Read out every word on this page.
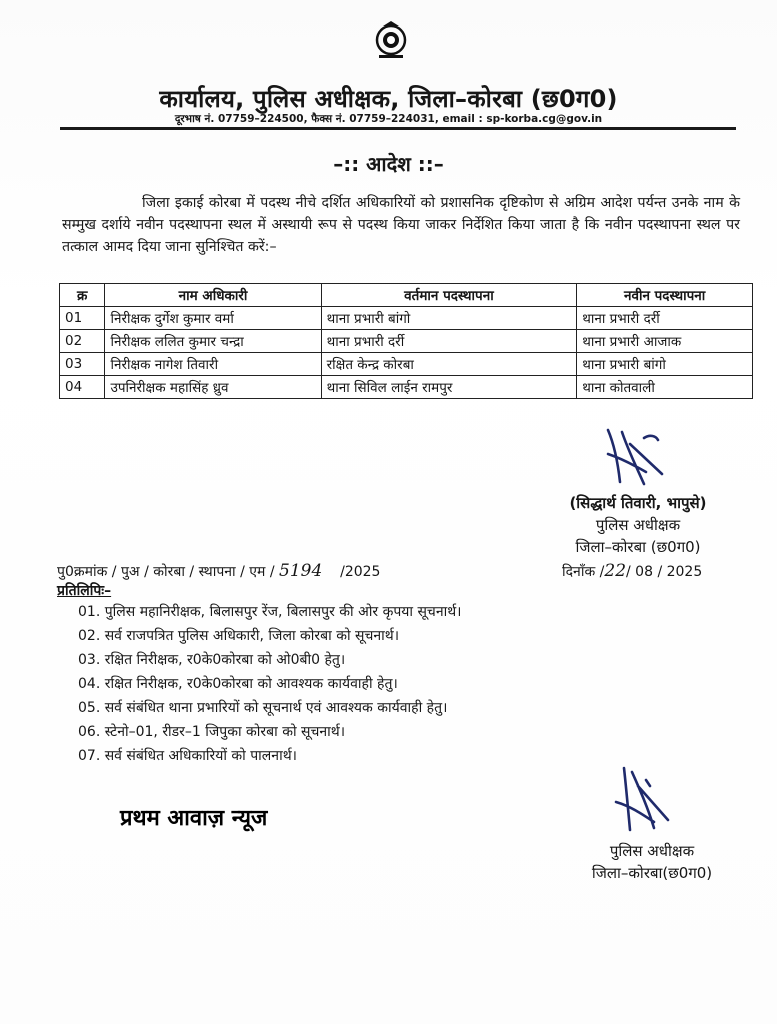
कार्यालय, पुलिस अधीक्षक, जिला–कोरबा (छ0ग0)
दूरभाष नं. 07759–224500, फैक्स नं. 07759–224031, email : sp-korba.cg@gov.in
–:: आदेश ::–
जिला इकाई कोरबा में पदस्थ नीचे दर्शित अधिकारियों को प्रशासनिक दृष्टिकोण से अग्रिम आदेश पर्यन्त उनके नाम के सम्मुख दर्शाये नवीन पदस्थापना स्थल में अस्थायी रूप से पदस्थ किया जाकर निर्देशित किया जाता है कि नवीन पदस्थापना स्थल पर तत्काल आमद दिया जाना सुनिश्चित करें:–
क्र	नाम अधिकारी	वर्तमान पदस्थापना	नवीन पदस्थापना
01	निरीक्षक दुर्गेश कुमार वर्मा	थाना प्रभारी बांगो	थाना प्रभारी दर्री
02	निरीक्षक ललित कुमार चन्द्रा	थाना प्रभारी दर्री	थाना प्रभारी आजाक
03	निरीक्षक नागेश तिवारी	रक्षित केन्द्र कोरबा	थाना प्रभारी बांगो
04	उपनिरीक्षक महासिंह ध्रुव	थाना सिविल लाईन रामपुर	थाना कोतवाली
(सिद्धार्थ तिवारी, भापुसे)
पुलिस अधीक्षक
जिला–कोरबा (छ0ग0)
पु0क्रमांक / पुअ / कोरबा / स्थापना / एम / 5194 /2025	दिनाँक /22/ 08 / 2025
प्रतिलिपिः–
01. पुलिस महानिरीक्षक, बिलासपुर रेंज, बिलासपुर की ओर कृपया सूचनार्थ।
02. सर्व राजपत्रित पुलिस अधिकारी, जिला कोरबा को सूचनार्थ।
03. रक्षित निरीक्षक, र0के0कोरबा को ओ0बी0 हेतु।
04. रक्षित निरीक्षक, र0के0कोरबा को आवश्यक कार्यवाही हेतु।
05. सर्व संबंधित थाना प्रभारियों को सूचनार्थ एवं आवश्यक कार्यवाही हेतु।
06. स्टेनो–01, रीडर–1 जिपुका कोरबा को सूचनार्थ।
07. सर्व संबंधित अधिकारियों को पालनार्थ।
प्रथम आवाज़ न्यूज
पुलिस अधीक्षक
जिला–कोरबा(छ0ग0)
